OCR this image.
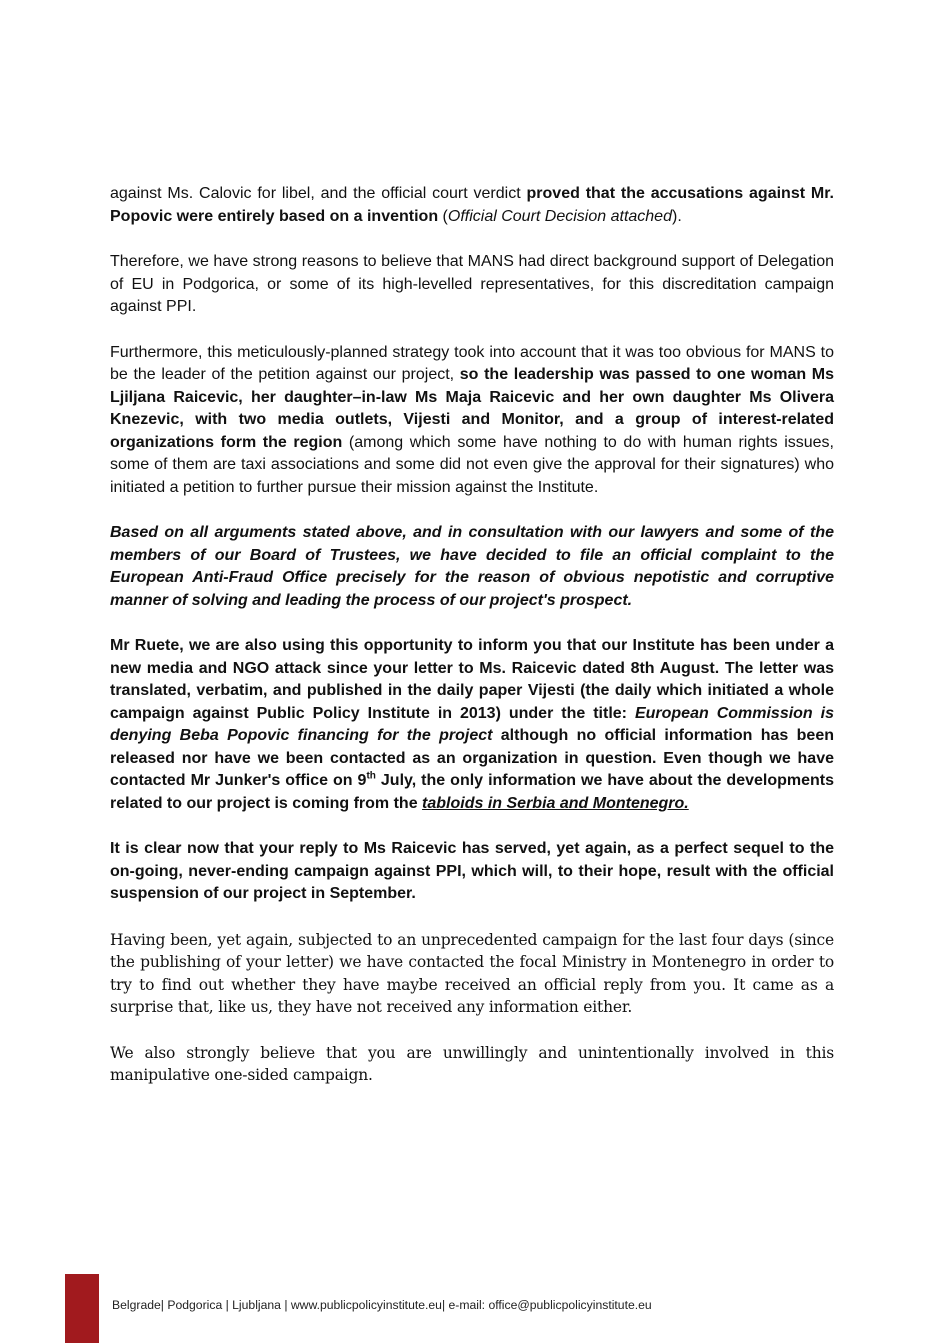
against Ms. Calovic for libel, and the official court verdict proved that the accusations against Mr. Popovic were entirely based on a invention (Official Court Decision attached).

Therefore, we have strong reasons to believe that MANS had direct background support of Delegation of EU in Podgorica, or some of its high-levelled representatives, for this discreditation campaign against PPI.

Furthermore, this meticulously-planned strategy took into account that it was too obvious for MANS to be the leader of the petition against our project, so the leadership was passed to one woman Ms Ljiljana Raicevic, her daughter–in-law Ms Maja Raicevic and her own daughter Ms Olivera Knezevic, with two media outlets, Vijesti and Monitor, and a group of interest-related organizations form the region (among which some have nothing to do with human rights issues, some of them are taxi associations and some did not even give the approval for their signatures) who initiated a petition to further pursue their mission against the Institute.

Based on all arguments stated above, and in consultation with our lawyers and some of the members of our Board of Trustees, we have decided to file an official complaint to the European Anti-Fraud Office precisely for the reason of obvious nepotistic and corruptive manner of solving and leading the process of our project's prospect.

Mr Ruete, we are also using this opportunity to inform you that our Institute has been under a new media and NGO attack since your letter to Ms. Raicevic dated 8th August. The letter was translated, verbatim, and published in the daily paper Vijesti (the daily which initiated a whole campaign against Public Policy Institute in 2013) under the title: European Commission is denying Beba Popovic financing for the project although no official information has been released nor have we been contacted as an organization in question. Even though we have contacted Mr Junker's office on 9th July, the only information we have about the developments related to our project is coming from the tabloids in Serbia and Montenegro.

It is clear now that your reply to Ms Raicevic has served, yet again, as a perfect sequel to the on-going, never-ending campaign against PPI, which will, to their hope, result with the official suspension of our project in September.

Having been, yet again, subjected to an unprecedented campaign for the last four days (since the publishing of your letter) we have contacted the focal Ministry in Montenegro in order to try to find out whether they have maybe received an official reply from you. It came as a surprise that, like us, they have not received any information either.

We also strongly believe that you are unwillingly and unintentionally involved in this manipulative one-sided campaign.

Belgrade| Podgorica | Ljubljana | www.publicpolicyinstitute.eu| e-mail: office@publicpolicyinstitute.eu
